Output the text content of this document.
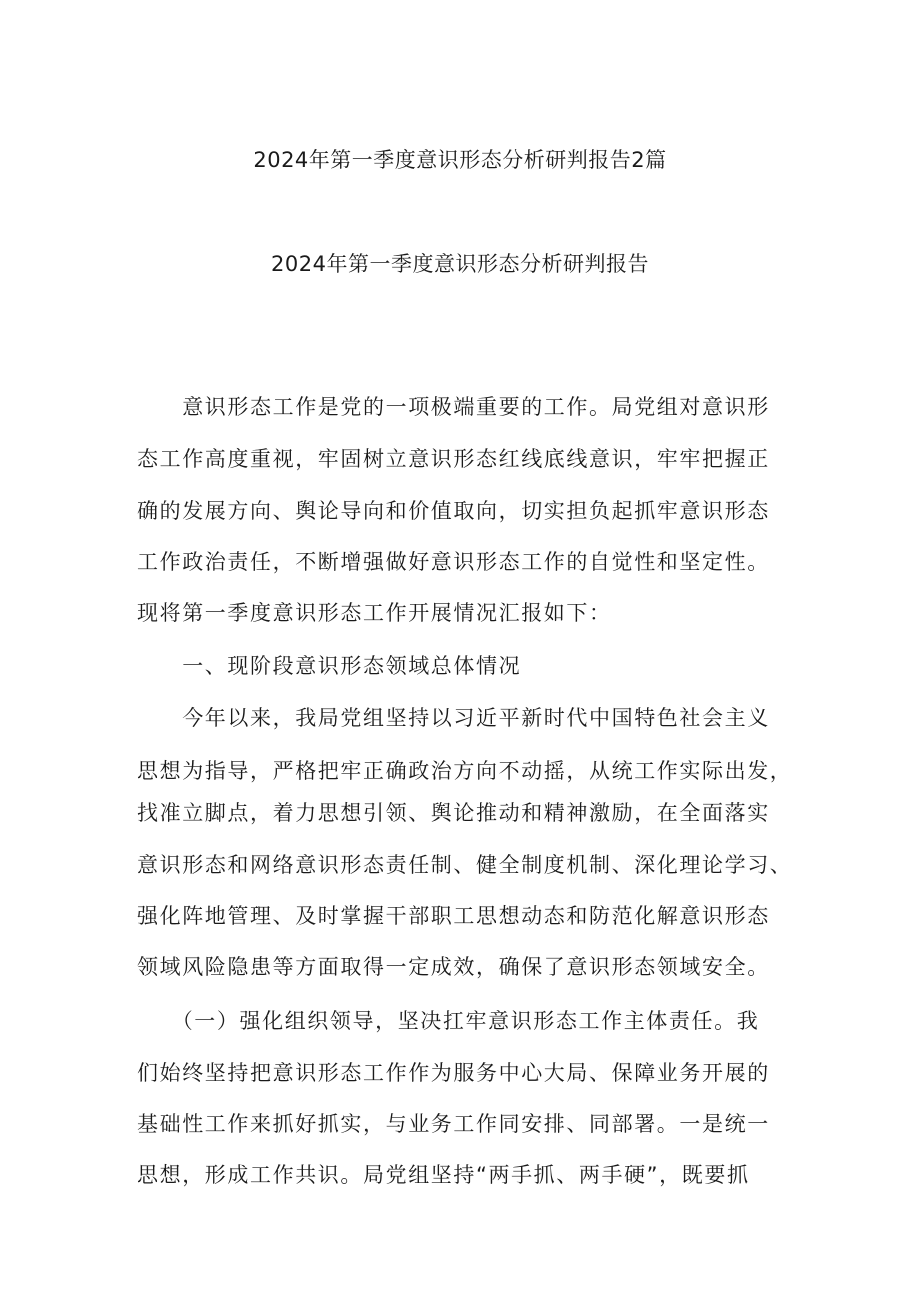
2024年第一季度意识形态分析研判报告2篇
2024年第一季度意识形态分析研判报告
　　意识形态工作是党的一项极端重要的工作。局党组对意识形
态工作高度重视，牢固树立意识形态红线底线意识，牢牢把握正
确的发展方向、舆论导向和价值取向，切实担负起抓牢意识形态
工作政治责任，不断增强做好意识形态工作的自觉性和坚定性。
现将第一季度意识形态工作开展情况汇报如下：
　　一、现阶段意识形态领域总体情况
　　今年以来，我局党组坚持以习近平新时代中国特色社会主义
思想为指导，严格把牢正确政治方向不动摇，从统工作实际出发，
找准立脚点，着力思想引领、舆论推动和精神激励，在全面落实
意识形态和网络意识形态责任制、健全制度机制、深化理论学习、
强化阵地管理、及时掌握干部职工思想动态和防范化解意识形态
领域风险隐患等方面取得一定成效，确保了意识形态领域安全。
　　（一）强化组织领导，坚决扛牢意识形态工作主体责任。我
们始终坚持把意识形态工作作为服务中心大局、保障业务开展的
基础性工作来抓好抓实，与业务工作同安排、同部署。一是统一
思想，形成工作共识。局党组坚持“两手抓、两手硬”，既要抓
